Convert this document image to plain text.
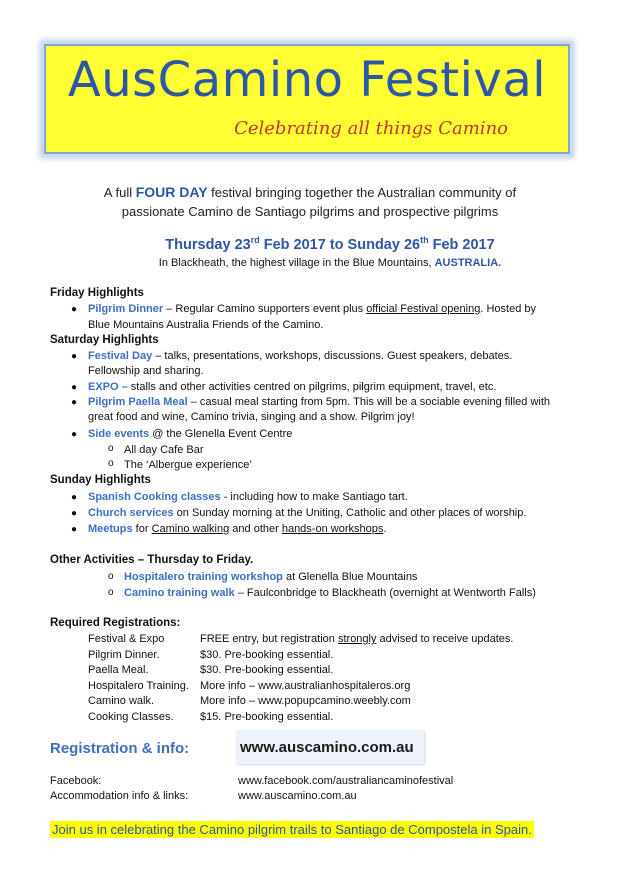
AusCamino Festival
Celebrating all things Camino
A full FOUR DAY festival bringing together the Australian community of
passionate Camino de Santiago pilgrims and prospective pilgrims
Thursday 23rd Feb 2017 to Sunday 26th Feb 2017
In Blackheath, the highest village in the Blue Mountains, AUSTRALIA.
Friday Highlights
● Pilgrim Dinner – Regular Camino supporters event plus official Festival opening. Hosted by
Blue Mountains Australia Friends of the Camino.
Saturday Highlights
● Festival Day – talks, presentations, workshops, discussions. Guest speakers, debates.
Fellowship and sharing.
● EXPO – stalls and other activities centred on pilgrims, pilgrim equipment, travel, etc.
● Pilgrim Paella Meal – casual meal starting from 5pm. This will be a sociable evening filled with
great food and wine, Camino trivia, singing and a show. Pilgrim joy!
● Side events @ the Glenella Event Centre
o All day Cafe Bar
o The ‘Albergue experience’
Sunday Highlights
● Spanish Cooking classes - including how to make Santiago tart.
● Church services on Sunday morning at the Uniting, Catholic and other places of worship.
● Meetups for Camino walking and other hands-on workshops.
Other Activities – Thursday to Friday.
o Hospitalero training workshop at Glenella Blue Mountains
o Camino training walk – Faulconbridge to Blackheath (overnight at Wentworth Falls)
Required Registrations:
Festival & Expo	FREE entry, but registration strongly advised to receive updates.
Pilgrim Dinner.	$30. Pre-booking essential.
Paella Meal.	$30. Pre-booking essential.
Hospitalero Training. More info – www.australianhospitaleros.org
Camino walk.	More info – www.popupcamino.weebly.com
Cooking Classes. $15. Pre-booking essential.
Registration & info:	www.auscamino.com.au
Facebook:	www.facebook.com/australiancaminofestival
Accommodation info & links:	www.auscamino.com.au
Join us in celebrating the Camino pilgrim trails to Santiago de Compostela in Spain.
